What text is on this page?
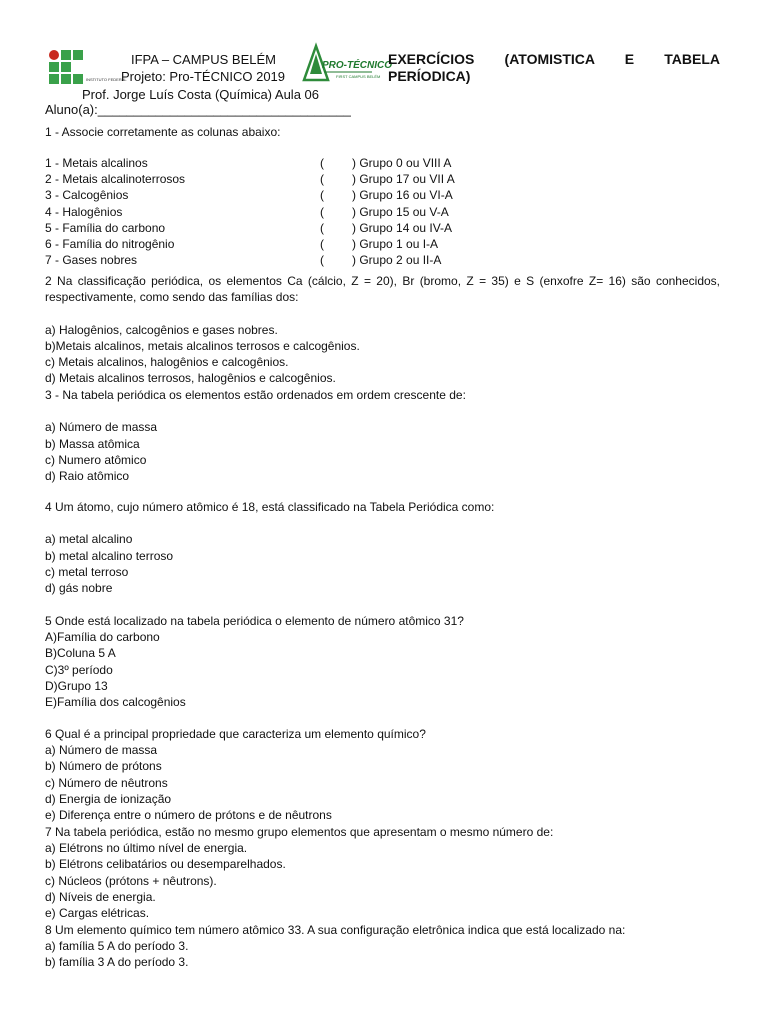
INSTITUTO FEDERAL
PRO-TÉCNICO
FIRST CAMPUS BELÉM
IFPA – CAMPUS BELÉM
Projeto: Pro-TÉCNICO 2019
EXERCÍCIOS (ATOMISTICA E TABELA
PERÍODICA)
Prof. Jorge Luís Costa (Química) Aula 06
Aluno(a):___________________________________
1 - Associe corretamente as colunas abaixo:
1 - Metais alcalinos	( ) Grupo 0 ou VIII A
2 - Metais alcalinoterrosos	( ) Grupo 17 ou VII A
3 - Calcogênios	( ) Grupo 16 ou VI-A
4 - Halogênios	( ) Grupo 15 ou V-A
5 - Família do carbono	( ) Grupo 14 ou IV-A
6 - Família do nitrogênio	( ) Grupo 1 ou I-A
7 - Gases nobres	( ) Grupo 2 ou II-A
2 Na classificação periódica, os elementos Ca (cálcio, Z = 20), Br (bromo, Z = 35) e S (enxofre Z= 16) são conhecidos, respectivamente, como sendo das famílias dos:
a) Halogênios, calcogênios e gases nobres.
b)Metais alcalinos, metais alcalinos terrosos e calcogênios.
c) Metais alcalinos, halogênios e calcogênios.
d) Metais alcalinos terrosos, halogênios e calcogênios.
3 - Na tabela periódica os elementos estão ordenados em ordem crescente de:
a) Número de massa
b) Massa atômica
c) Numero atômico
d) Raio atômico
4 Um átomo, cujo número atômico é 18, está classificado na Tabela Periódica como:
a) metal alcalino
b) metal alcalino terroso
c) metal terroso
d) gás nobre
5 Onde está localizado na tabela periódica o elemento de número atômico 31?
A)Família do carbono
B)Coluna 5 A
C)3º período
D)Grupo 13
E)Família dos calcogênios
6 Qual é a principal propriedade que caracteriza um elemento químico?
a) Número de massa
b) Número de prótons
c) Número de nêutrons
d) Energia de ionização
e) Diferença entre o número de prótons e de nêutrons
7 Na tabela periódica, estão no mesmo grupo elementos que apresentam o mesmo número de:
a) Elétrons no último nível de energia.
b) Elétrons celibatários ou desemparelhados.
c) Núcleos (prótons + nêutrons).
d) Níveis de energia.
e) Cargas elétricas.
8 Um elemento químico tem número atômico 33. A sua configuração eletrônica indica que está localizado na:
a) família 5 A do período 3.
b) família 3 A do período 3.
